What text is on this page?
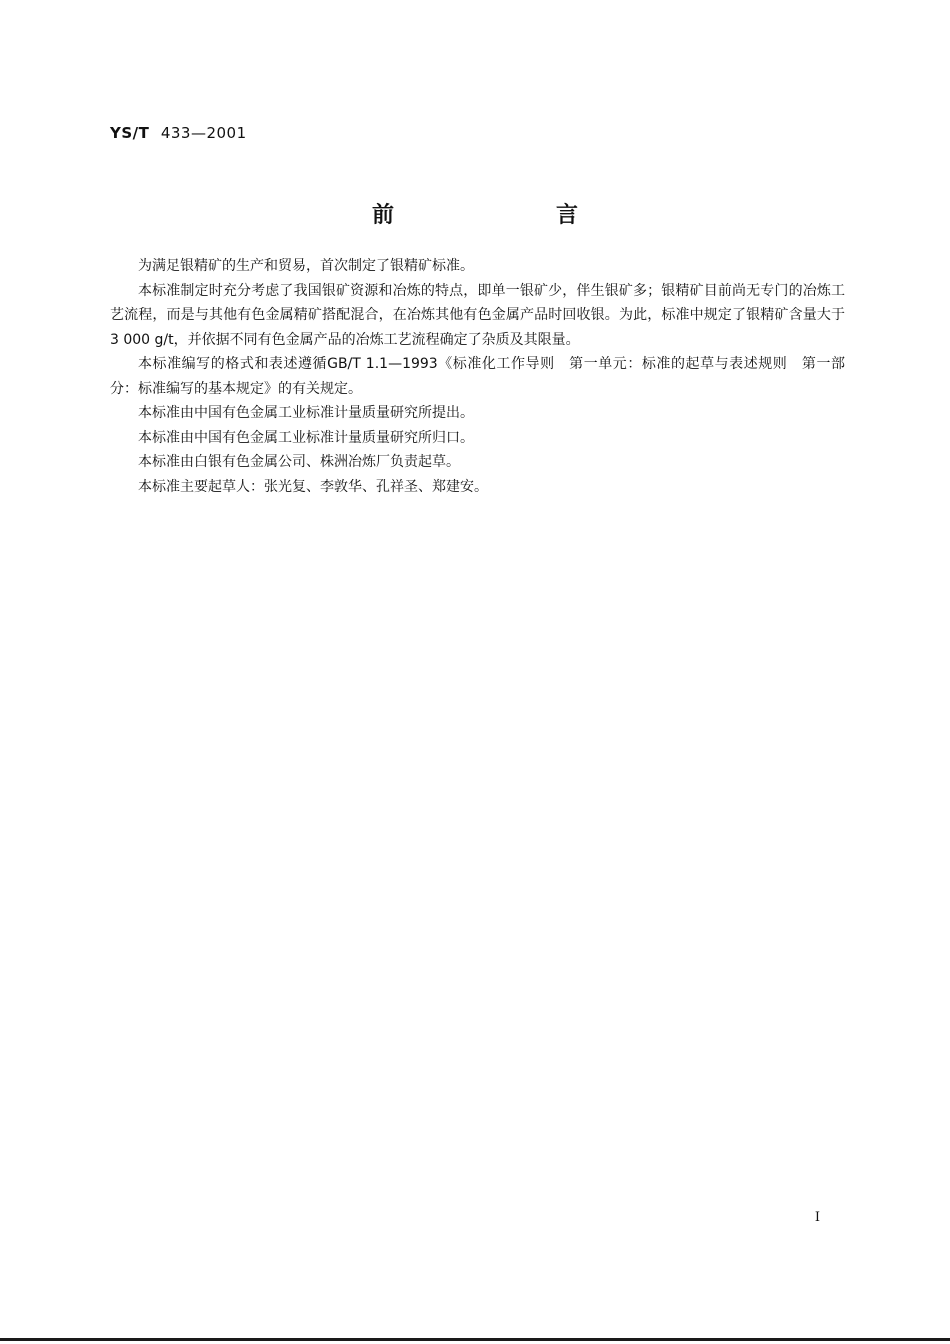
YS/T 433—2001
前　言

为满足银精矿的生产和贸易，首次制定了银精矿标准。

本标准制定时充分考虑了我国银矿资源和冶炼的特点，即单一银矿少，伴生银矿多；银精矿目前尚无专门的冶炼工艺流程，而是与其他有色金属精矿搭配混合，在冶炼其他有色金属产品时回收银。为此，标准中规定了银精矿含量大于3 000 g/t，并依据不同有色金属产品的冶炼工艺流程确定了杂质及其限量。

本标准编写的格式和表述遵循GB/T 1.1—1993《标准化工作导则　第一单元：标准的起草与表述规则　第一部分：标准编写的基本规定》的有关规定。

本标准由中国有色金属工业标准计量质量研究所提出。

本标准由中国有色金属工业标准计量质量研究所归口。

本标准由白银有色金属公司、株洲冶炼厂负责起草。

本标准主要起草人：张光复、李敦华、孔祥圣、郑建安。

I
